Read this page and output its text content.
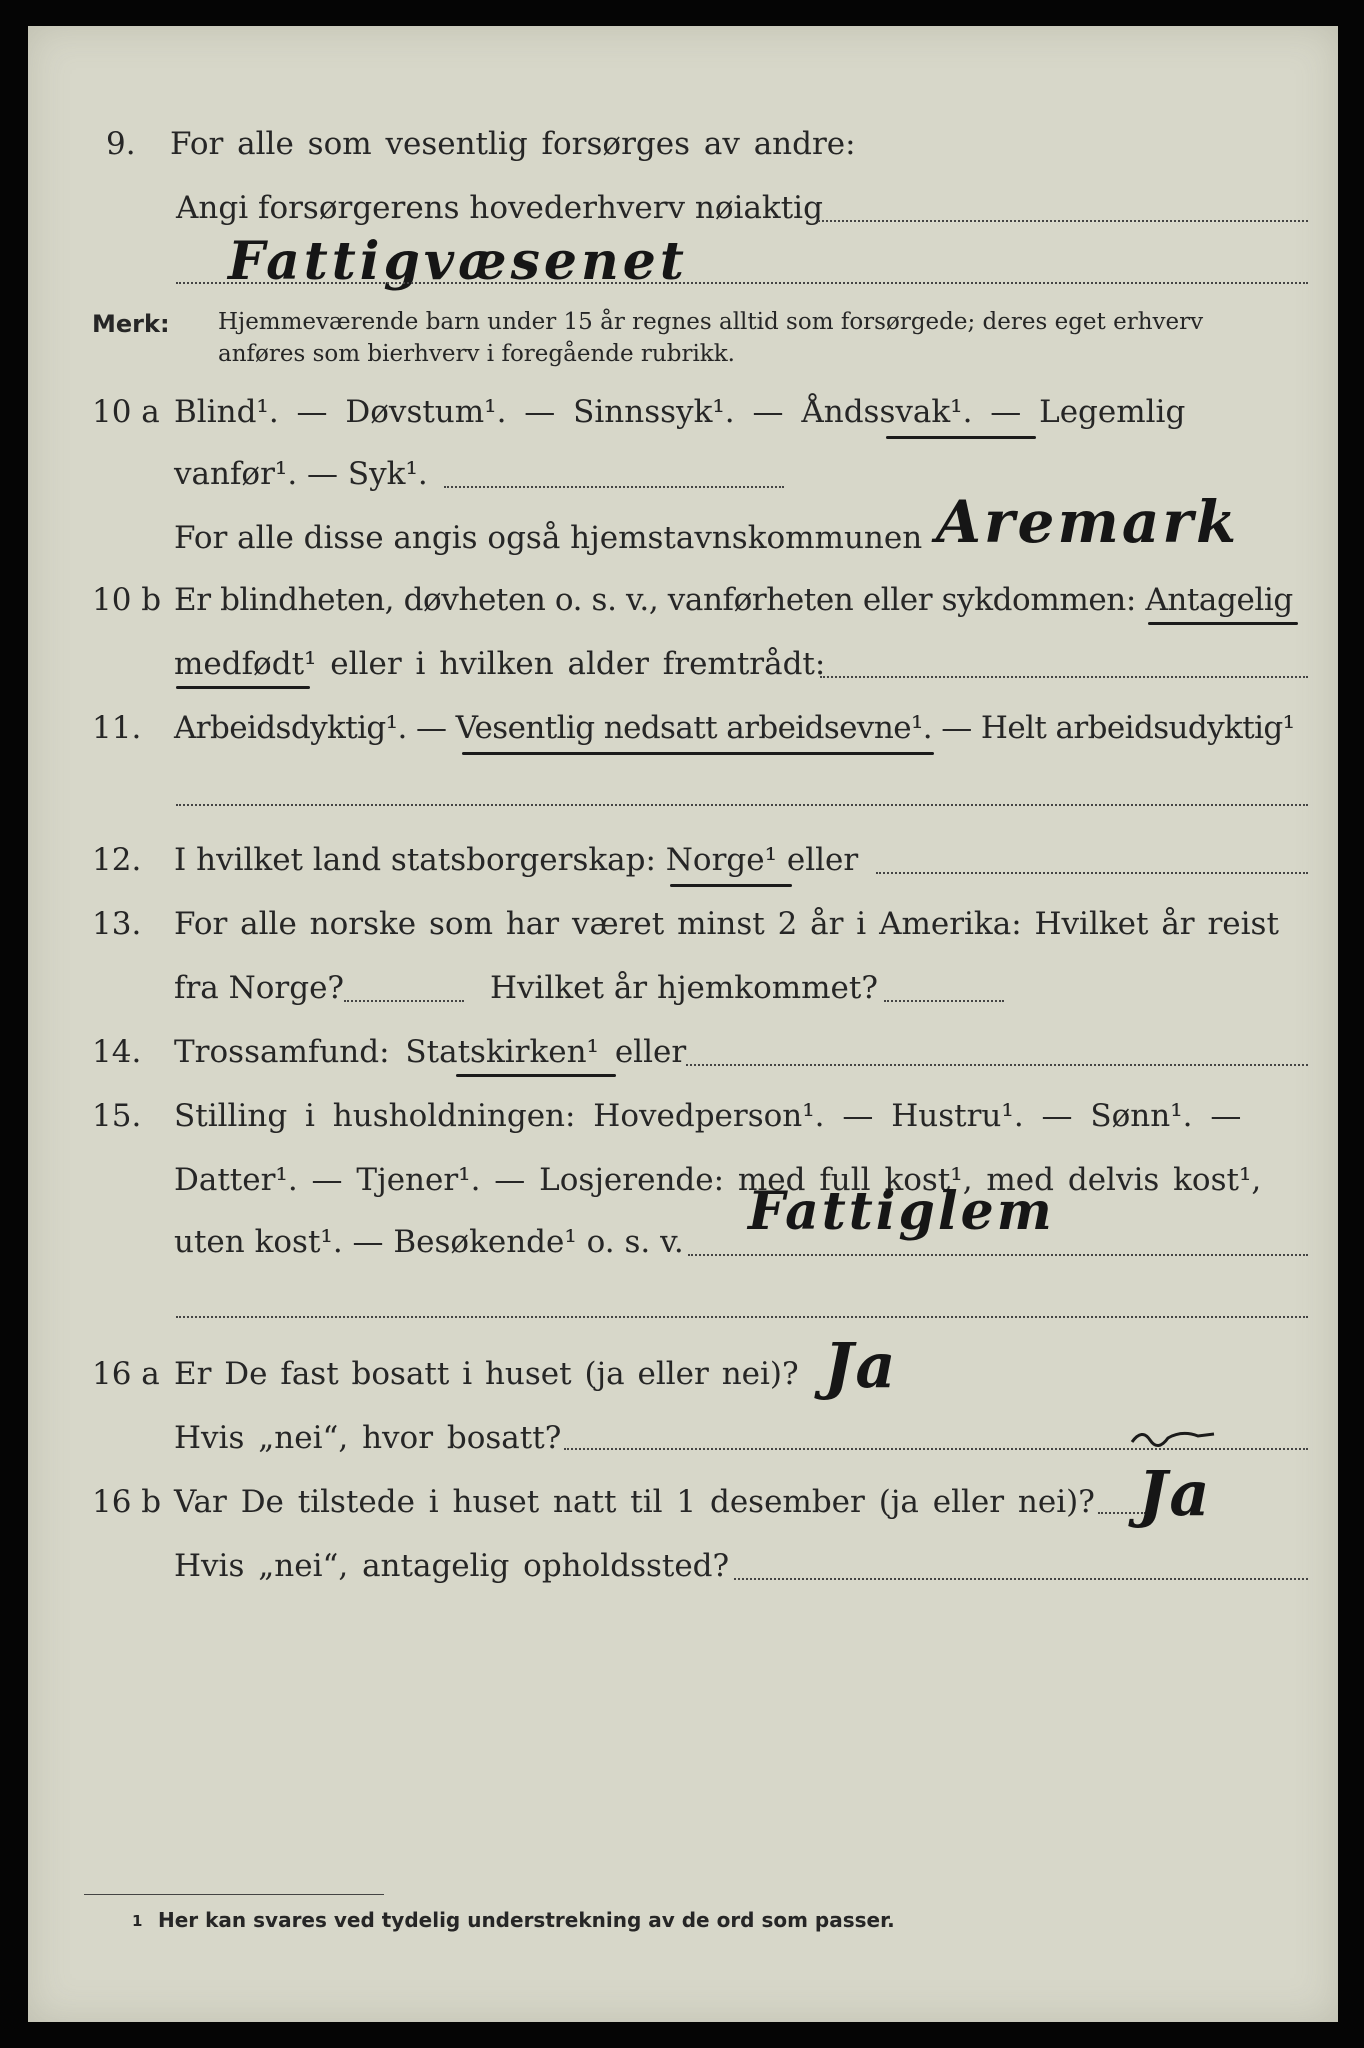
9. For alle som vesentlig forsørges av andre:
Angi forsørgerens hovederhverv nøiaktig
Fattigvæsenet
Merk: Hjemmeværende barn under 15 år regnes alltid som forsørgede; deres eget erhverv
anføres som bierhverv i foregående rubrikk.
10 a Blind¹. — Døvstum¹. — Sinnssyk¹. — Åndssvak¹. — Legemlig
vanfør¹. — Syk¹.
For alle disse angis også hjemstavnskommunen Aremark
10 b Er blindheten, døvheten o. s. v., vanførheten eller sykdommen: Antagelig
medfødt¹ eller i hvilken alder fremtrådt:
11. Arbeidsdyktig¹. — Vesentlig nedsatt arbeidsevne¹. — Helt arbeidsudyktig¹
12. I hvilket land statsborgerskap: Norge¹ eller
13. For alle norske som har været minst 2 år i Amerika: Hvilket år reist
fra Norge?	Hvilket år hjemkommet?
14. Trossamfund: Statskirken¹ eller
15. Stilling i husholdningen: Hovedperson¹. — Hustru¹. — Sønn¹. —
Datter¹. — Tjener¹. — Losjerende: med full kost¹, med delvis kost¹,
uten kost¹. — Besøkende¹ o. s. v. Fattiglem
16 a Er De fast bosatt i huset (ja eller nei)? Ja
Hvis „nei“, hvor bosatt?
16 b Var De tilstede i huset natt til 1 desember (ja eller nei)? Ja
Hvis „nei“, antagelig opholdssted?
1 Her kan svares ved tydelig understrekning av de ord som passer.
